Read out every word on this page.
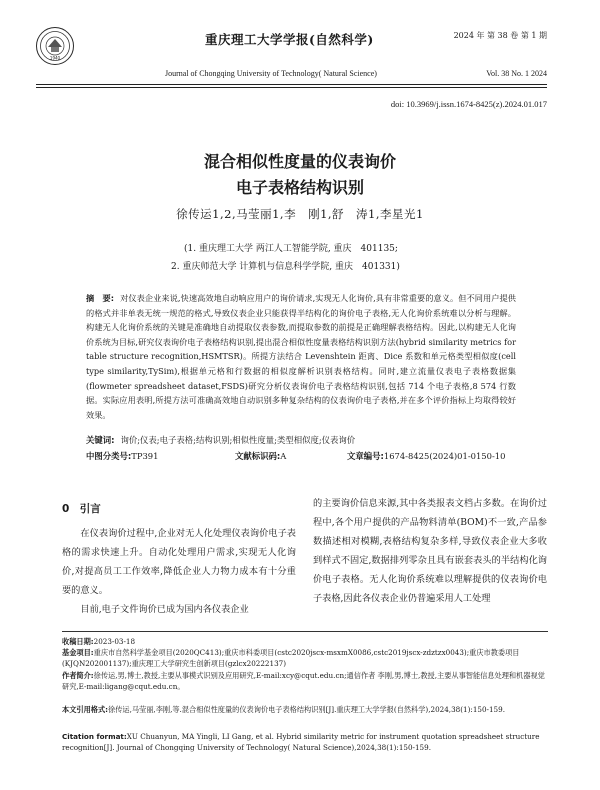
1940
重庆理工大学学报(自然科学)
Journal of Chongqing University of Technology( Natural Science)
2024 年 第 38 卷 第 1 期
Vol. 38 No. 1 2024
doi: 10.3969/j.issn.1674-8425(z).2024.01.017
混合相似性度量的仪表询价
电子表格结构识别
徐传运1,2,马莹丽1,李　刚1,舒　涛1,李星光1
(1. 重庆理工大学 两江人工智能学院, 重庆　401135;
2. 重庆师范大学 计算机与信息科学学院, 重庆　401331)
摘　要: 对仪表企业来说,快速高效地自动响应用户的询价请求,实现无人化询价,具有非常重要的意义。但不同用户提供的格式并非单表无统一规范的格式,导致仪表企业只能获得半结构化的询价电子表格,无人化询价系统难以分析与理解。构建无人化询价系统的关键是准确地自动提取仪表参数,而提取参数的前提是正确理解表格结构。因此,以构建无人化询价系统为目标,研究仪表询价电子表格结构识别,提出混合相似性度量表格结构识别方法(hybrid similarity metrics for table structure recognition,HSMTSR)。所提方法结合 Levenshtein 距离、Dice 系数和单元格类型相似度(cell type similarity,TySim),根据单元格和行数据的相似度解析识别表格结构。同时,建立流量仪表电子表格数据集(flowmeter spreadsheet dataset,FSDS)研究分析仪表询价电子表格结构识别,包括 714 个电子表格,8 574 行数据。实际应用表明,所提方法可准确高效地自动识别多种复杂结构的仪表询价电子表格,并在多个评价指标上均取得较好效果。
关键词: 询价;仪表;电子表格;结构识别;相似性度量;类型相似度;仪表询价
中图分类号:TP391	文献标识码:A	文章编号:1674-8425(2024)01-0150-10
0　引言

在仪表询价过程中,企业对无人化处理仪表询价电子表格的需求快速上升。自动化处理用户需求,实现无人化询价,对提高员工工作效率,降低企业人力物力成本有十分重要的意义。

目前,电子文件询价已成为国内各仪表企业

的主要询价信息来源,其中各类报表文档占多数。在询价过程中,各个用户提供的产品物料清单(BOM)不一致,产品参数描述相对模糊,表格结构复杂多样,导致仪表企业大多收到样式不固定,数据排列零杂且具有嵌套表头的半结构化询价电子表格。无人化询价系统难以理解提供的仪表询价电子表格,因此各仪表企业仍普遍采用人工处理
收稿日期:2023-03-18
基金项目:重庆市自然科学基金项目(2020QC413);重庆市科委项目(cstc2020jscx-msxmX0086,cstc2019jscx-zdztzx0043);重庆市教委项目(KJQN202001137);重庆理工大学研究生创新项目(gzlcx20222137)
作者简介:徐传运,男,博士,教授,主要从事模式识别及应用研究,E-mail:xcy@cqut.edu.cn;通信作者 李刚,男,博士,教授,主要从事智能信息处理和机器视觉研究,E-mail:ligang@cqut.edu.cn。
本文引用格式:徐传运,马莹丽,李刚,等.混合相似性度量的仪表询价电子表格结构识别[J].重庆理工大学学报(自然科学),2024,38(1):150-159.
Citation format:XU Chuanyun, MA Yingli, LI Gang, et al. Hybrid similarity metric for instrument quotation spreadsheet structure recognition[J]. Journal of Chongqing University of Technology( Natural Science),2024,38(1):150-159.
